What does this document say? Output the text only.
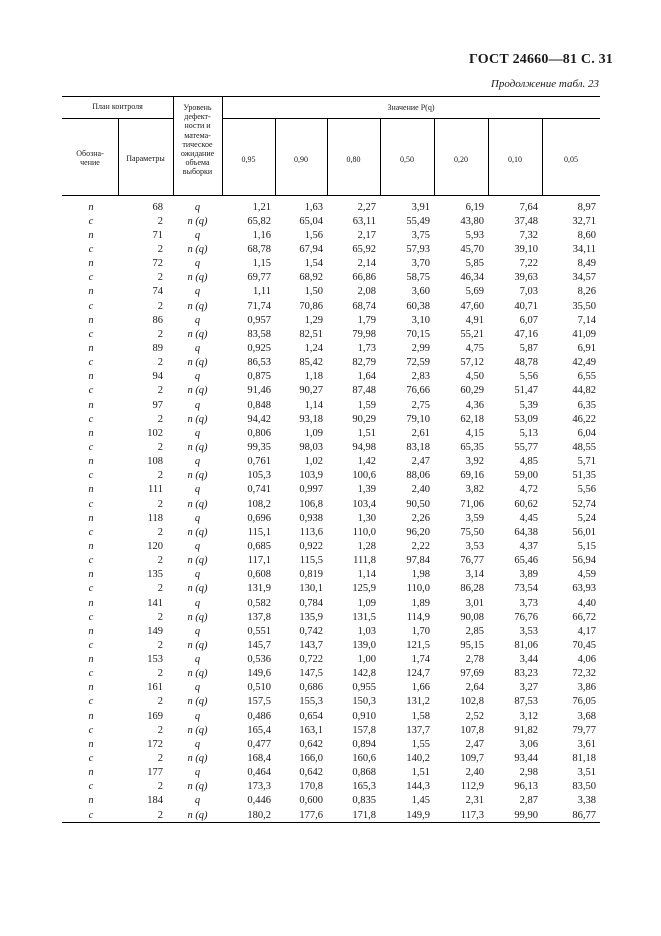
ГОСТ 24660—81 С. 31
Продолжение табл. 23
План контроля
Обозна-
чение	Параметры
Уровень
дефект-
ности и
матема-
тическое
ожидание
объема
выборки
Значение P(q)
0,95	0,90	0,80	0,50	0,20	0,10	0,05
n	68	q	1,21	1,63	2,27	3,91	6,19	7,64	8,97
c	2	n (q)	65,82	65,04	63,11	55,49	43,80	37,48	32,71
n	71	q	1,16	1,56	2,17	3,75	5,93	7,32	8,60
c	2	n (q)	68,78	67,94	65,92	57,93	45,70	39,10	34,11
n	72	q	1,15	1,54	2,14	3,70	5,85	7,22	8,49
c	2	n (q)	69,77	68,92	66,86	58,75	46,34	39,63	34,57
n	74	q	1,11	1,50	2,08	3,60	5,69	7,03	8,26
c	2	n (q)	71,74	70,86	68,74	60,38	47,60	40,71	35,50
n	86	q	0,957	1,29	1,79	3,10	4,91	6,07	7,14
c	2	n (q)	83,58	82,51	79,98	70,15	55,21	47,16	41,09
n	89	q	0,925	1,24	1,73	2,99	4,75	5,87	6,91
c	2	n (q)	86,53	85,42	82,79	72,59	57,12	48,78	42,49
n	94	q	0,875	1,18	1,64	2,83	4,50	5,56	6,55
c	2	n (q)	91,46	90,27	87,48	76,66	60,29	51,47	44,82
n	97	q	0,848	1,14	1,59	2,75	4,36	5,39	6,35
c	2	n (q)	94,42	93,18	90,29	79,10	62,18	53,09	46,22
n	102	q	0,806	1,09	1,51	2,61	4,15	5,13	6,04
c	2	n (q)	99,35	98,03	94,98	83,18	65,35	55,77	48,55
n	108	q	0,761	1,02	1,42	2,47	3,92	4,85	5,71
c	2	n (q)	105,3	103,9	100,6	88,06	69,16	59,00	51,35
n	111	q	0,741	0,997	1,39	2,40	3,82	4,72	5,56
c	2	n (q)	108,2	106,8	103,4	90,50	71,06	60,62	52,74
n	118	q	0,696	0,938	1,30	2,26	3,59	4,45	5,24
c	2	n (q)	115,1	113,6	110,0	96,20	75,50	64,38	56,01
n	120	q	0,685	0,922	1,28	2,22	3,53	4,37	5,15
c	2	n (q)	117,1	115,5	111,8	97,84	76,77	65,46	56,94
n	135	q	0,608	0,819	1,14	1,98	3,14	3,89	4,59
c	2	n (q)	131,9	130,1	125,9	110,0	86,28	73,54	63,93
n	141	q	0,582	0,784	1,09	1,89	3,01	3,73	4,40
c	2	n (q)	137,8	135,9	131,5	114,9	90,08	76,76	66,72
n	149	q	0,551	0,742	1,03	1,70	2,85	3,53	4,17
c	2	n (q)	145,7	143,7	139,0	121,5	95,15	81,06	70,45
n	153	q	0,536	0,722	1,00	1,74	2,78	3,44	4,06
c	2	n (q)	149,6	147,5	142,8	124,7	97,69	83,23	72,32
n	161	q	0,510	0,686	0,955	1,66	2,64	3,27	3,86
c	2	n (q)	157,5	155,3	150,3	131,2	102,8	87,53	76,05
n	169	q	0,486	0,654	0,910	1,58	2,52	3,12	3,68
c	2	n (q)	165,4	163,1	157,8	137,7	107,8	91,82	79,77
n	172	q	0,477	0,642	0,894	1,55	2,47	3,06	3,61
c	2	n (q)	168,4	166,0	160,6	140,2	109,7	93,44	81,18
n	177	q	0,464	0,642	0,868	1,51	2,40	2,98	3,51
c	2	n (q)	173,3	170,8	165,3	144,3	112,9	96,13	83,50
n	184	q	0,446	0,600	0,835	1,45	2,31	2,87	3,38
c	2	n (q)	180,2	177,6	171,8	149,9	117,3	99,90	86,77
